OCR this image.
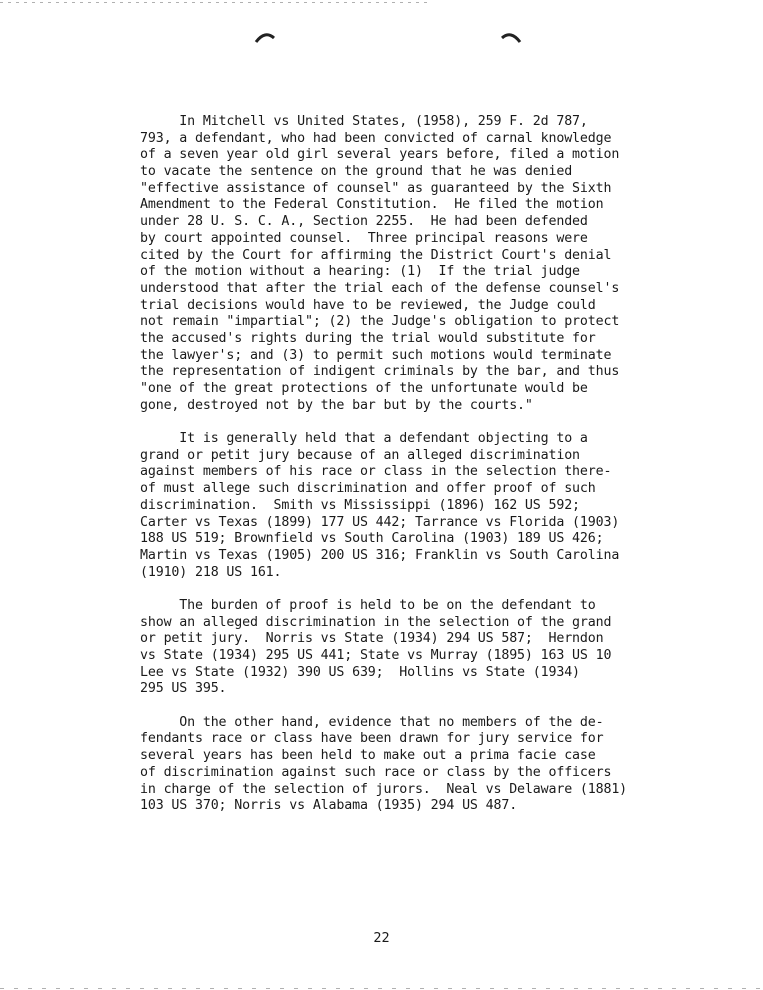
In Mitchell vs United States, (1958), 259 F. 2d 787,
793, a defendant, who had been convicted of carnal knowledge
of a seven year old girl several years before, filed a motion
to vacate the sentence on the ground that he was denied
"effective assistance of counsel" as guaranteed by the Sixth
Amendment to the Federal Constitution.  He filed the motion
under 28 U. S. C. A., Section 2255.  He had been defended
by court appointed counsel.  Three principal reasons were
cited by the Court for affirming the District Court's denial
of the motion without a hearing: (1)  If the trial judge
understood that after the trial each of the defense counsel's
trial decisions would have to be reviewed, the Judge could
not remain "impartial"; (2) the Judge's obligation to protect
the accused's rights during the trial would substitute for
the lawyer's; and (3) to permit such motions would terminate
the representation of indigent criminals by the bar, and thus
"one of the great protections of the unfortunate would be
gone, destroyed not by the bar but by the courts."
It is generally held that a defendant objecting to a
grand or petit jury because of an alleged discrimination
against members of his race or class in the selection there-
of must allege such discrimination and offer proof of such
discrimination.  Smith vs Mississippi (1896) 162 US 592;
Carter vs Texas (1899) 177 US 442; Tarrance vs Florida (1903)
188 US 519; Brownfield vs South Carolina (1903) 189 US 426;
Martin vs Texas (1905) 200 US 316; Franklin vs South Carolina
(1910) 218 US 161.
The burden of proof is held to be on the defendant to
show an alleged discrimination in the selection of the grand
or petit jury.  Norris vs State (1934) 294 US 587;  Herndon
vs State (1934) 295 US 441; State vs Murray (1895) 163 US 10
Lee vs State (1932) 390 US 639;  Hollins vs State (1934)
295 US 395.
On the other hand, evidence that no members of the de-
fendants race or class have been drawn for jury service for
several years has been held to make out a prima facie case
of discrimination against such race or class by the officers
in charge of the selection of jurors.  Neal vs Delaware (1881)
103 US 370; Norris vs Alabama (1935) 294 US 487.
22
